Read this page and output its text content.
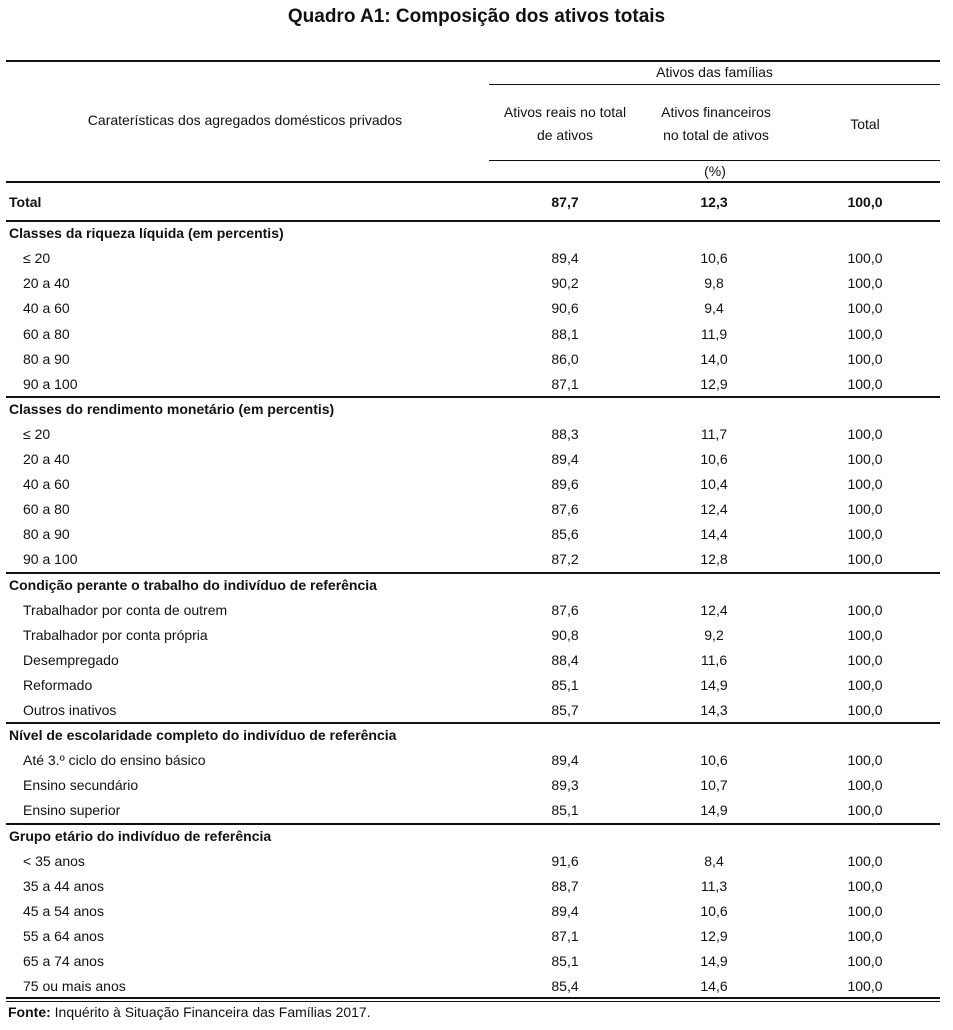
Quadro A1: Composição dos ativos totais
Ativos das famílias
Caraterísticas dos agregados domésticos privados	Ativos reais no total
de ativos
Ativos financeiros
no total de ativos
Total
(%)
Total	87,7	12,3	100,0
Classes da riqueza líquida (em percentis)
≤ 20	89,4	10,6	100,0
20 a 40	90,2	9,8	100,0
40 a 60	90,6	9,4	100,0
60 a 80	88,1	11,9	100,0
80 a 90	86,0	14,0	100,0
90 a 100	87,1	12,9	100,0
Classes do rendimento monetário (em percentis)
≤ 20	88,3	11,7	100,0
20 a 40	89,4	10,6	100,0
40 a 60	89,6	10,4	100,0
60 a 80	87,6	12,4	100,0
80 a 90	85,6	14,4	100,0
90 a 100	87,2	12,8	100,0
Condição perante o trabalho do indivíduo de referência
Trabalhador por conta de outrem	87,6	12,4	100,0
Trabalhador por conta própria	90,8	9,2	100,0
Desempregado	88,4	11,6	100,0
Reformado	85,1	14,9	100,0
Outros inativos	85,7	14,3	100,0
Nível de escolaridade completo do indivíduo de referência
Até 3.º ciclo do ensino básico	89,4	10,6	100,0
Ensino secundário	89,3	10,7	100,0
Ensino superior	85,1	14,9	100,0
Grupo etário do indivíduo de referência
< 35 anos	91,6	8,4	100,0
35 a 44 anos	88,7	11,3	100,0
45 a 54 anos	89,4	10,6	100,0
55 a 64 anos	87,1	12,9	100,0
65 a 74 anos	85,1	14,9	100,0
75 ou mais anos	85,4	14,6	100,0
Fonte: Inquérito à Situação Financeira das Famílias 2017.
